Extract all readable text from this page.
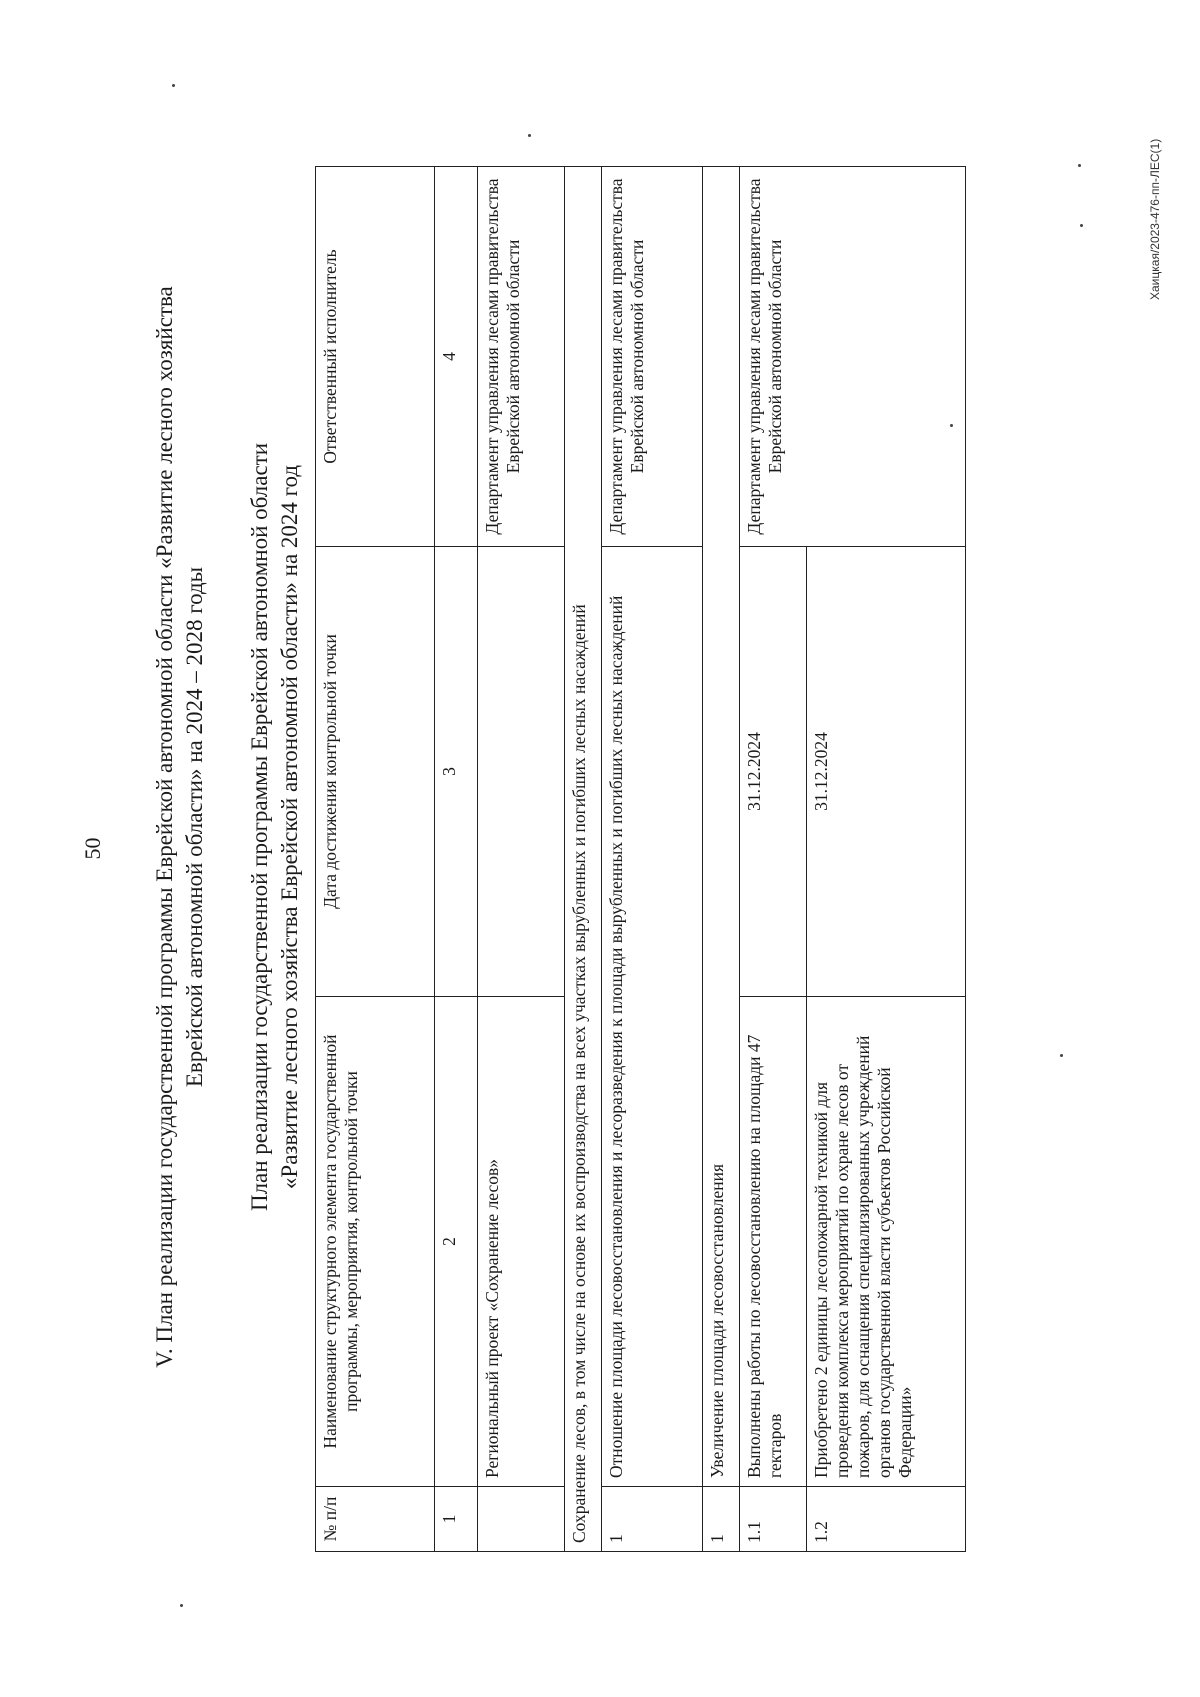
50 V. План реализации государственной программы Еврейской автономной области «Развитие лесного хозяйства Еврейской автономной области» на 2024 – 2028 годы План реализации государственной программы Еврейской автономной области «Развитие лесного хозяйства Еврейской автономной области» на 2024 год
№ п/п	Наименование структурного элемента государственной программы, мероприятия, контрольной точки	Дата достижения контрольной точки	Ответственный исполнитель
1	2	3	4
	Региональный проект «Сохранение лесов»		Департамент управления лесами правительства Еврейской автономной области
Сохранение лесов, в том числе на основе их воспроизводства на всех участках вырубленных и погибших лесных насаждений			
1	Отношение площади лесовосстановления и лесоразведения к площади вырубленных и погибших лесных насаждений		Департамент управления лесами правительства Еврейской автономной области
1	Увеличение площади лесовосстановления		
1.1	Выполнены работы по лесовосстановлению на площади 47 гектаров	31.12.2024	Департамент управления лесами правительства Еврейской автономной области
1.2	Приобретено 2 единицы лесопожарной техникой для проведения комплекса мероприятий по охране лесов от пожаров, для оснащения специализированных учреждений органов государственной власти субъектов Российской Федерации»	31.12.2024	
Хаицкая/2023-476-пп-ЛЕС(1)
